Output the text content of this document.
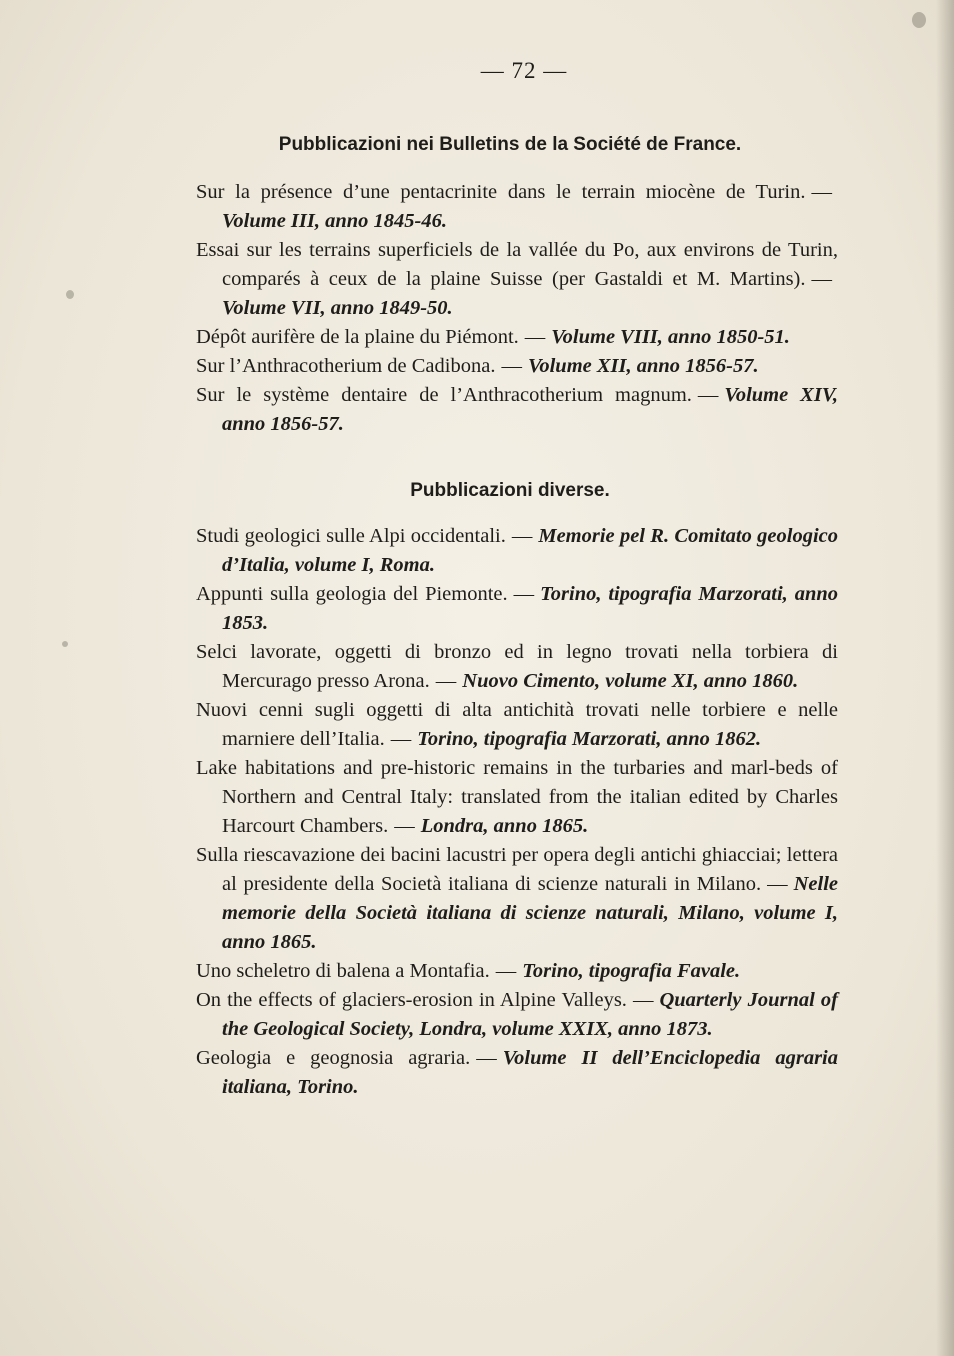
— 72 —
Pubblicazioni nei Bulletins de la Société de France.
Sur la présence d’une pentacrinite dans le terrain miocène de Turin. —Volume III, anno 1845-46.
Essai sur les terrains superficiels de la vallée du Po, aux environs de Turin, comparés à ceux de la plaine Suisse (per Gastaldi et M. Martins). —Volume VII, anno 1849-50.
Dépôt aurifère de la plaine du Piémont. — Volume VIII, anno 1850-51.
Sur l’Anthracotherium de Cadibona. — Volume XII, anno 1856-57.
Sur le système dentaire de l’Anthracotherium magnum. — Volume XIV, anno 1856-57.
Pubblicazioni diverse.
Studi geologici sulle Alpi occidentali. — Memorie pel R. Comitato geologico d’Italia, volume I, Roma.
Appunti sulla geologia del Piemonte. — Torino, tipografia Marzorati, anno 1853.
Selci lavorate, oggetti di bronzo ed in legno trovati nella torbiera di Mercurago presso Arona. — Nuovo Cimento, volume XI, anno 1860.
Nuovi cenni sugli oggetti di alta antichità trovati nelle torbiere e nelle marniere dell’Italia. — Torino, tipografia Marzorati, anno 1862.
Lake habitations and pre-historic remains in the turbaries and marl-beds of Northern and Central Italy: translated from the italian edited by Charles Harcourt Chambers. — Londra, anno 1865.
Sulla riescavazione dei bacini lacustri per opera degli antichi ghiacciai; lettera al presidente della Società italiana di scienze naturali in Milano. — Nelle memorie della Società italiana di scienze naturali, Milano, volume I, anno 1865.
Uno scheletro di balena a Montafia. — Torino, tipografia Favale.
On the effects of glaciers-erosion in Alpine Valleys. — Quarterly Journal of the Geological Society, Londra, volume XXIX, anno 1873.
Geologia e geognosia agraria. — Volume II dell’Enciclopedia agraria italiana, Torino.
